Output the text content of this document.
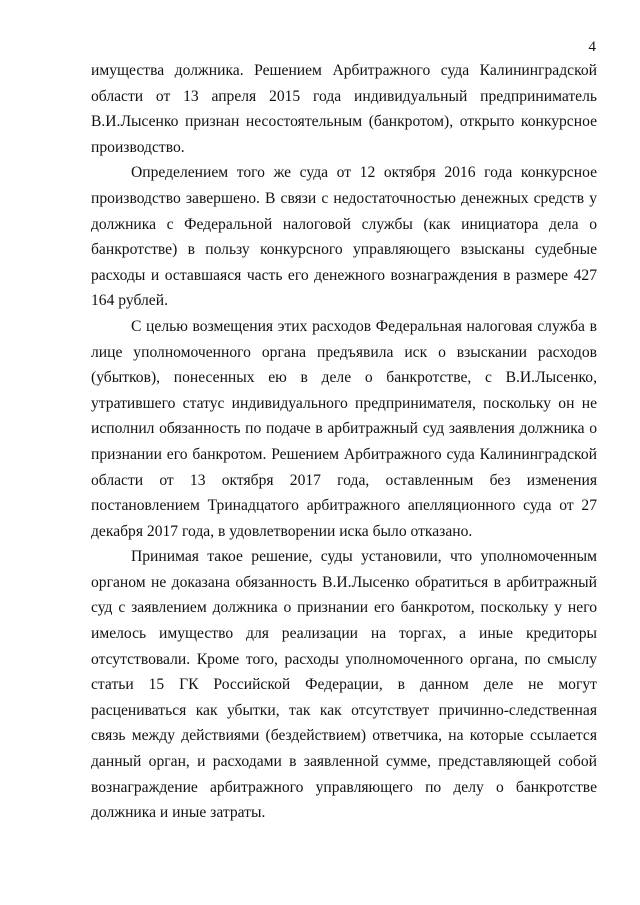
4

имущества должника. Решением Арбитражного суда Калининградской области от 13 апреля 2015 года индивидуальный предприниматель В.И.Лысенко признан несостоятельным (банкротом), открыто конкурсное производство.

Определением того же суда от 12 октября 2016 года конкурсное производство завершено. В связи с недостаточностью денежных средств у должника с Федеральной налоговой службы (как инициатора дела о банкротстве) в пользу конкурсного управляющего взысканы судебные расходы и оставшаяся часть его денежного вознаграждения в размере 427 164 рублей.

С целью возмещения этих расходов Федеральная налоговая служба в лице уполномоченного органа предъявила иск о взыскании расходов (убытков), понесенных ею в деле о банкротстве, с В.И.Лысенко, утратившего статус индивидуального предпринимателя, поскольку он не исполнил обязанность по подаче в арбитражный суд заявления должника о признании его банкротом. Решением Арбитражного суда Калининградской области от 13 октября 2017 года, оставленным без изменения постановлением Тринадцатого арбитражного апелляционного суда от 27 декабря 2017 года, в удовлетворении иска было отказано.

Принимая такое решение, суды установили, что уполномоченным органом не доказана обязанность В.И.Лысенко обратиться в арбитражный суд с заявлением должника о признании его банкротом, поскольку у него имелось имущество для реализации на торгах, а иные кредиторы отсутствовали. Кроме того, расходы уполномоченного органа, по смыслу статьи 15 ГК Российской Федерации, в данном деле не могут расцениваться как убытки, так как отсутствует причинно-следственная связь между действиями (бездействием) ответчика, на которые ссылается данный орган, и расходами в заявленной сумме, представляющей собой вознаграждение арбитражного управляющего по делу о банкротстве должника и иные затраты.
